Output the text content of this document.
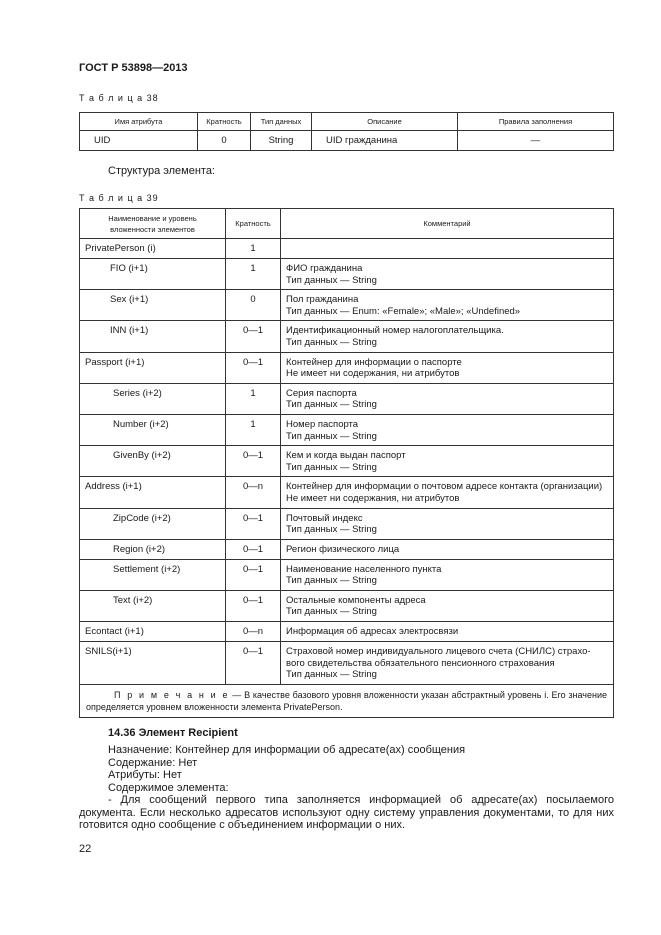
ГОСТ Р 53898—2013
Т а б л и ц а 38
Имя атрибута	Кратность	Тип данных	Описание	Правила заполнения
UID	0	String	UID гражданина	—
Структура элемента:
Т а б л и ц а 39
Наименование и уровень вложенности элементов	Кратность	Комментарий
PrivatePerson (i)	1	
FIO (i+1)	1	ФИО гражданина
Тип данных — String

Sex (i+1)	0	Пол гражданина
Тип данных — Enum: «Female»; «Male»; «Undefined»

INN (i+1)	0—1	Идентификационный номер налогоплательщика.
Тип данных — String

Passport (i+1)	0—1	Контейнер для информации о паспорте
Не имеет ни содержания, ни атрибутов

Series (i+2)	1	Серия паспорта
Тип данных — String

Number (i+2)	1	Номер паспорта
Тип данных — String

GivenBy (i+2)	0—1	Кем и когда выдан паспорт
Тип данных — String

Address (i+1)	0—n	Контейнер для информации о почтовом адресе контакта (организации)
Не имеет ни содержания, ни атрибутов

ZipCode (i+2)	0—1	Почтовый индекс
Тип данных — String

Region (i+2)	0—1	Регион физического лица

Settlement (i+2)	0—1	Наименование населенного пункта
Тип данных — String

Text (i+2)	0—1	Остальные компоненты адреса
Тип данных — String

Econtact (i+1)	0—n	Информация об адресах электросвязи

SNILS(i+1)	0—1	Страховой номер индивидуального лицевого счета (СНИЛС) страхо-
вого свидетельства обязательного пенсионного страхования
Тип данных — String

П р и м е ч а н и е — В качестве базового уровня вложенности указан абстрактный уровень i. Его значение определяется уровнем вложенности элемента PrivatePerson.		
14.36 Элемент Recipient
Назначение: Контейнер для информации об адресате(ах) сообщения
Содержание: Нет
Атрибуты: Нет
Содержимое элемента:
- Для сообщений первого типа заполняется информацией об адресате(ах) посылаемого документа. Если несколько адресатов используют одну систему управления документами, то для них готовится одно сообщение с объединением информации о них.
22
